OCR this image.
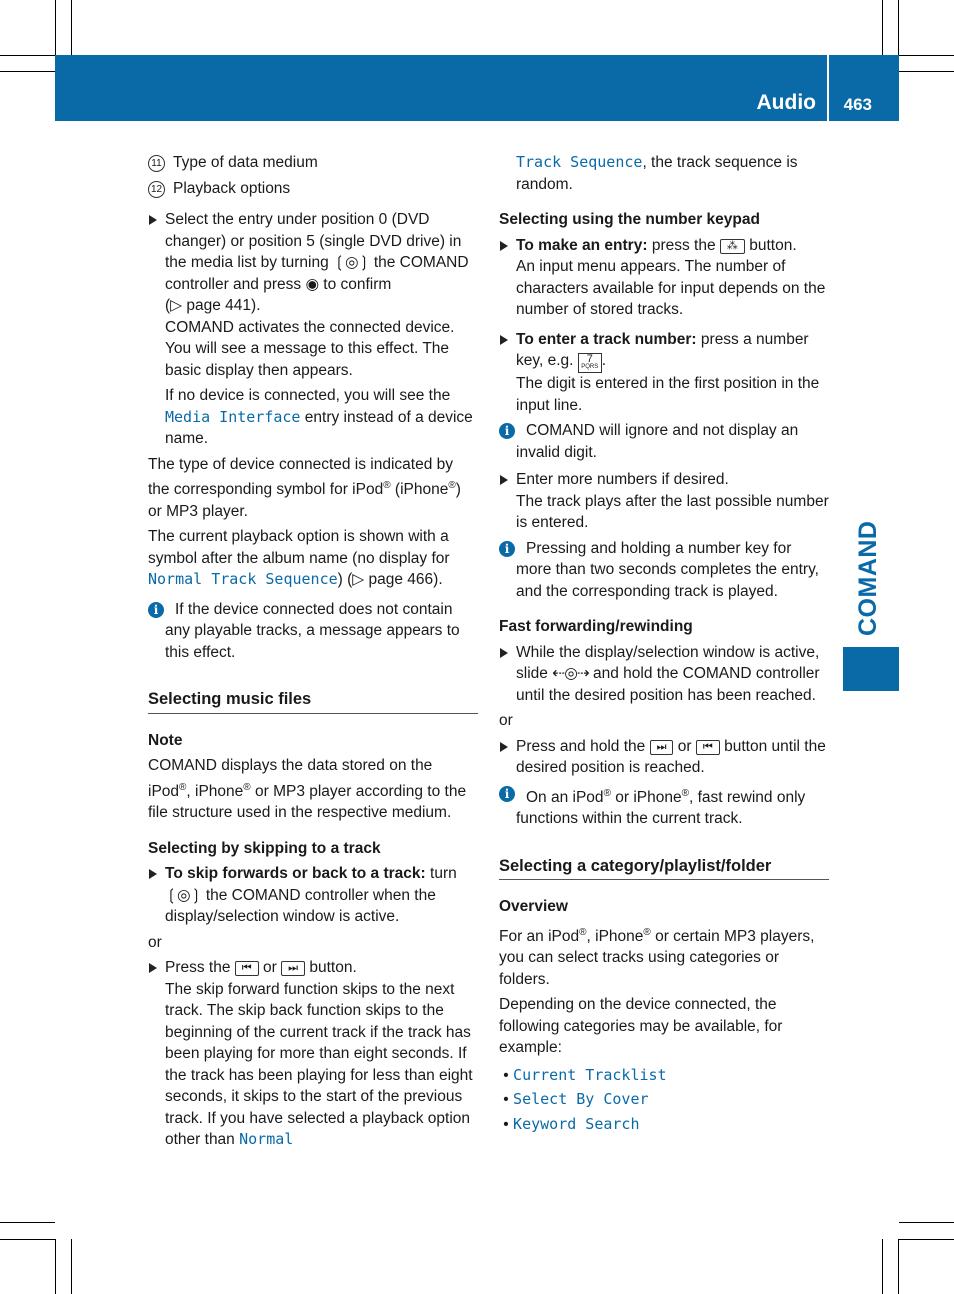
Audio 463
COMAND

11 Type of data medium

12 Playback options

Select the entry under position 0 (DVD changer) or position 5 (single DVD drive) in the media list by turning ❲◎❳ the COMAND controller and press ◉ to confirm
(▷ page 441).
COMAND activates the connected device. You will see a message to this effect. The basic display then appears.

If no device is connected, you will see the Media Interface entry instead of a device name.

The type of device connected is indicated by the corresponding symbol for iPod® (iPhone®) or MP3 player.

The current playback option is shown with a symbol after the album name (no display for Normal Track Sequence) (▷ page 466).

i	If the device connected does not contain any playable tracks, a message appears to this effect.
Selecting music files

Note

COMAND displays the data stored on the iPod®, iPhone® or MP3 player according to the file structure used in the respective medium.

Selecting by skipping to a track

To skip forwards or back to a track: turn
❲◎❳ the COMAND controller when the display/selection window is active.

or

Press the ⏮ or ⏭ button.
The skip forward function skips to the next track. The skip back function skips to the beginning of the current track if the track has been playing for more than eight seconds. If the track has been playing for less than eight seconds, it skips to the start of the previous track. If you have selected a playback option other than Normal

Track Sequence, the track sequence is random.

Selecting using the number keypad

To make an entry: press the ⁂ button.
An input menu appears. The number of characters available for input depends on the number of stored tracks.
To enter a track number: press a number key, e.g. 7
PQRS .
The digit is entered in the first position in the input line.
i	COMAND will ignore and not display an invalid digit.
Enter more numbers if desired.
The track plays after the last possible number is entered.
i	Pressing and holding a number key for more than two seconds completes the entry, and the corresponding track is played.

Fast forwarding/rewinding

While the display/selection window is active, slide ⇠◎⇢ and hold the COMAND controller until the desired position has been reached.

or

Press and hold the ⏭ or ⏮ button until the desired position is reached.
i	On an iPod® or iPhone®, fast rewind only functions within the current track.
Selecting a category/playlist/folder

Overview

For an iPod®, iPhone® or certain MP3 players, you can select tracks using categories or folders.

Depending on the device connected, the following categories may be available, for example:

• Current Tracklist

• Select By Cover

• Keyword Search
